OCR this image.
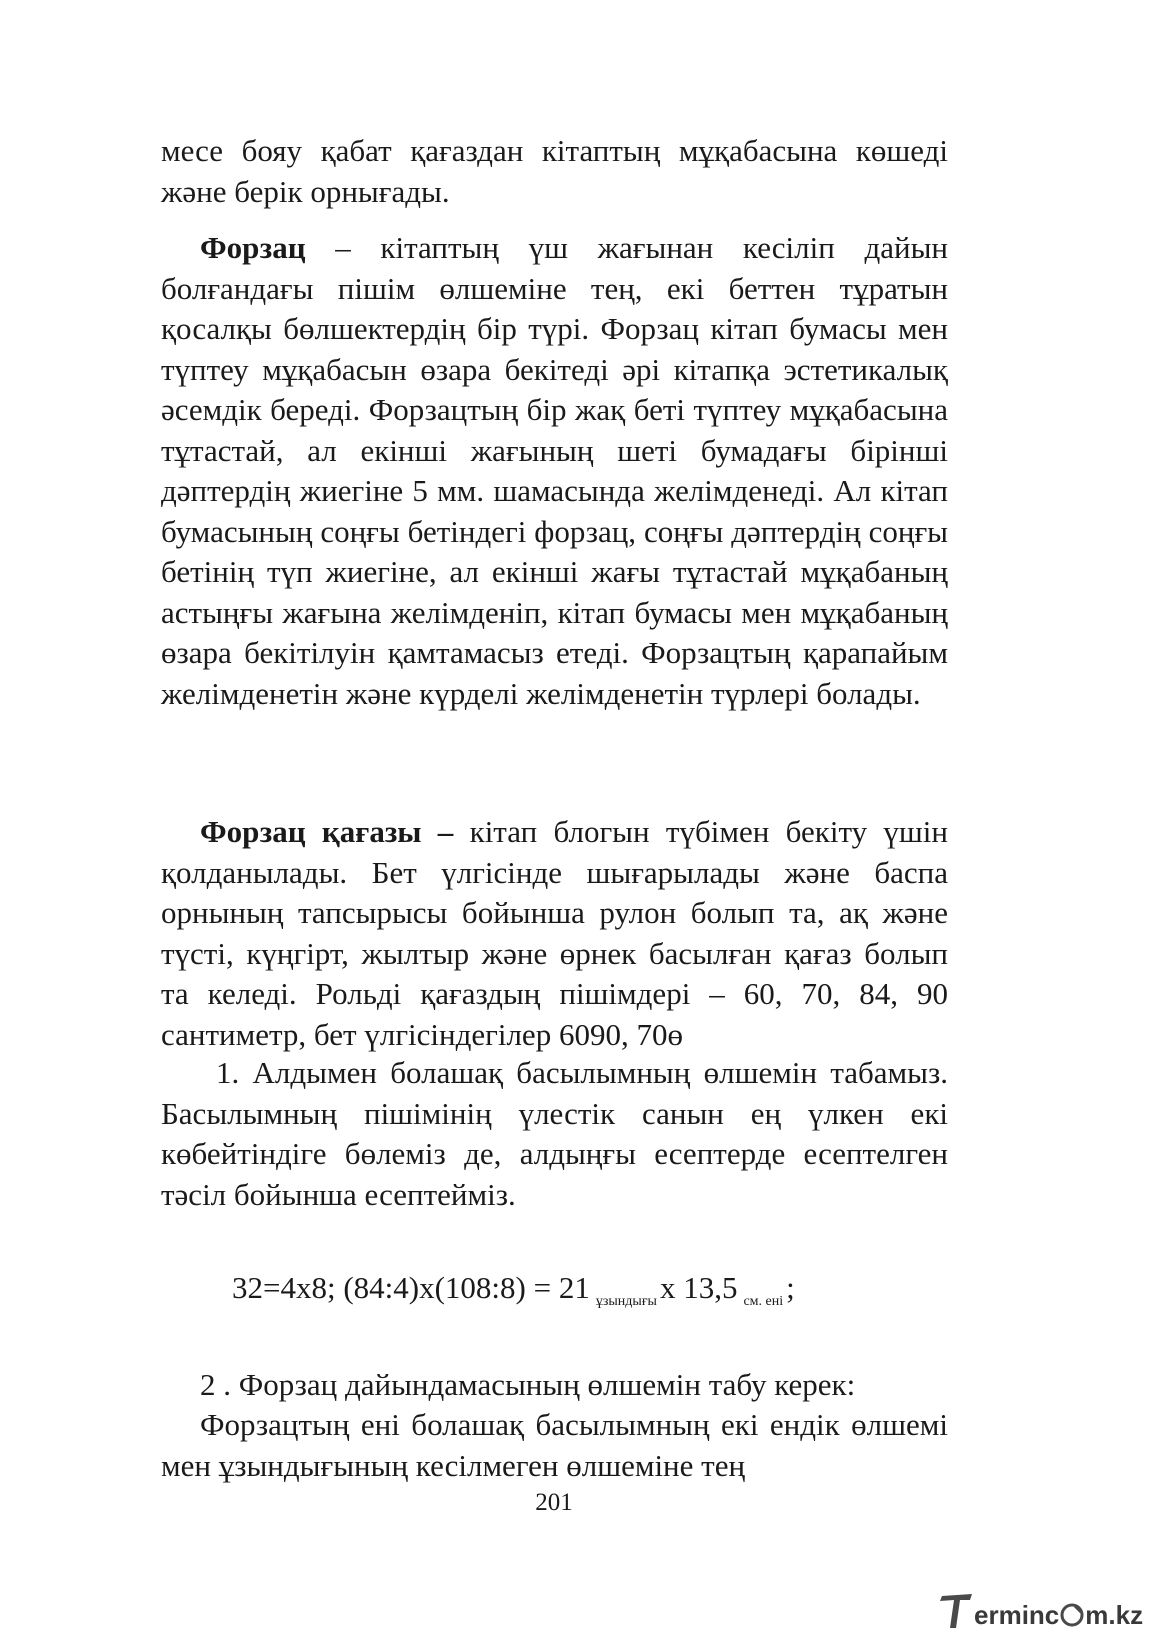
месе бояу қабат қағаздан кітаптың мұқабасына көшеді және берік орнығады.
Форзац – кітаптың үш жағынан кесіліп дайын болғандағы пішім өлшеміне тең, екі беттен тұратын қосалқы бөлшектердің бір түрі. Форзац кітап бумасы мен түптеу мұқабасын өзара бекітеді әрі кітапқа эстетикалық әсемдік береді. Форзацтың бір жақ беті түптеу мұқабасына тұтастай, ал екінші жағының шеті бумадағы бірінші дәптердің жиегіне 5 мм. шамасында желімденеді. Ал кітап бумасының соңғы бетіндегі форзац, соңғы дәптердің соңғы бетінің түп жиегіне, ал екінші жағы тұтастай мұқабаның астыңғы жағына желімденіп, кітап бумасы мен мұқабаның өзара бекітілуін қамтамасыз етеді. Форзацтың қарапайым желімденетін және күрделі желімденетін түрлері болады.
Форзац қағазы – кітап блогын түбімен бекіту үшін қолданылады. Бет үлгісінде шығарылады және баспа орнының тапсырысы бойынша рулон болып та, ақ және түсті, күңгірт, жылтыр және өрнек басылған қағаз болып та келеді. Рольді қағаздың пішімдері – 60, 70, 84, 90 сантиметр, бет үлгісіндегілер 6090, 70ө
1. Алдымен болашақ басылымның өлшемін табамыз. Басылымның пішімінің үлестік санын ең үлкен екі көбейтіндіге бөлеміз де, алдыңғы есептерде есептелген тәсіл бойынша есептейміз.
32=4x8; (84:4)x(108:8) = 21 $_{ұзындығы}$x 13,5 $_{см. ені}$;
2 . Форзац дайындамасының өлшемін табу керек:
Форзацтың ені болашақ басылымның екі ендік өлшемі мен ұзындығының кесілмеген өлшеміне тең
201
erminc m.kz
